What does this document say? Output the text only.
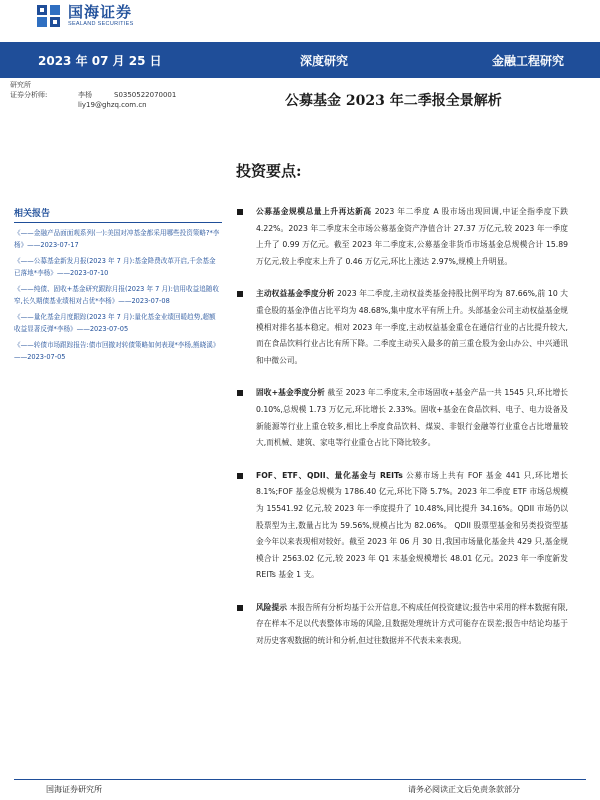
国海证券
SEALAND SECURITIES
2023 年 07 月 25 日	深度研究	金融工程研究
研究所
证券分析师:	李杨	S0350522070001
liy19@ghzq.com.cn	公募基金 2023 年二季报全景解析
投资要点:
相关报告
《——金融产品面面观系列(一):美国对冲基金都采用哪些投资策略?*李杨》——2023-07-17
《——公募基金新发月报(2023 年 7 月):基金降费改革开启,千余基金已落地*李杨》——2023-07-10
《——纯债、固收+基金研究跟踪月报(2023 年 7 月):信用收益追随收窄,长久期债基业绩相对占优*李杨》——2023-07-08
《——量化基金月度跟踪(2023 年 7 月):量化基金业绩回暖趋势,超额收益显著反弹*李杨》——2023-07-05
《——转债市场跟踪报告:债市回撤对转债策略如何表现*李杨,熊晓溪》——2023-07-05
公募基金规模总量上升再达新高 2023 年二季度 A 股市场出现回调,中证全指季度下跌 4.22%。2023 年二季度末全市场公募基金资产净值合计 27.37 万亿元,较 2023 年一季度上升了 0.99 万亿元。截至 2023 年二季度末,公募基金非货币市场基金总规模合计 15.89 万亿元,较上季度末上升了 0.46 万亿元,环比上涨达 2.97%,规模上升明显。
主动权益基金季度分析 2023 年二季度,主动权益类基金持股比例平均为 87.66%,前 10 大重仓股的基金净值占比平均为 48.68%,集中度水平有所上升。头部基金公司主动权益基金规模相对排名基本稳定。相对 2023 年一季度,主动权益基金重仓在通信行业的占比提升较大,而在食品饮料行业占比有所下降。二季度主动买入最多的前三重仓股为金山办公、中兴通讯和中微公司。
固收+基金季度分析 截至 2023 年二季度末,全市场固收+基金产品一共 1545 只,环比增长 0.10%,总规模 1.73 万亿元,环比增长 2.33%。固收+基金在食品饮料、电子、电力设备及新能源等行业上重仓较多,相比上季度食品饮料、煤炭、非银行金融等行业重仓占比增量较大,而机械、建筑、家电等行业重仓占比下降比较多。
FOF、ETF、QDII、量化基金与 REITs 公募市场上共有 FOF 基金 441 只,环比增长 8.1%;FOF 基金总规模为 1786.40 亿元,环比下降 5.7%。2023 年二季度 ETF 市场总规模为 15541.92 亿元,较 2023 年一季度提升了 10.48%,同比提升 34.16%。QDII 市场仍以股票型为主,数量占比为 59.56%,规模占比为 82.06%。 QDII 股票型基金和另类投资型基金今年以来表现相对较好。截至 2023 年 06 月 30 日,我国市场量化基金共 429 只,基金规模合计 2563.02 亿元,较 2023 年 Q1 末基金规模增长 48.01 亿元。2023 年一季度新发 REITs 基金 1 支。
风险提示 本报告所有分析均基于公开信息,不构成任何投资建议;报告中采用的样本数据有限,存在样本不足以代表整体市场的风险,且数据处理统计方式可能存在误差;报告中结论均基于对历史客观数据的统计和分析,但过往数据并不代表未来表现。
国海证券研究所	请务必阅读正文后免责条款部分
